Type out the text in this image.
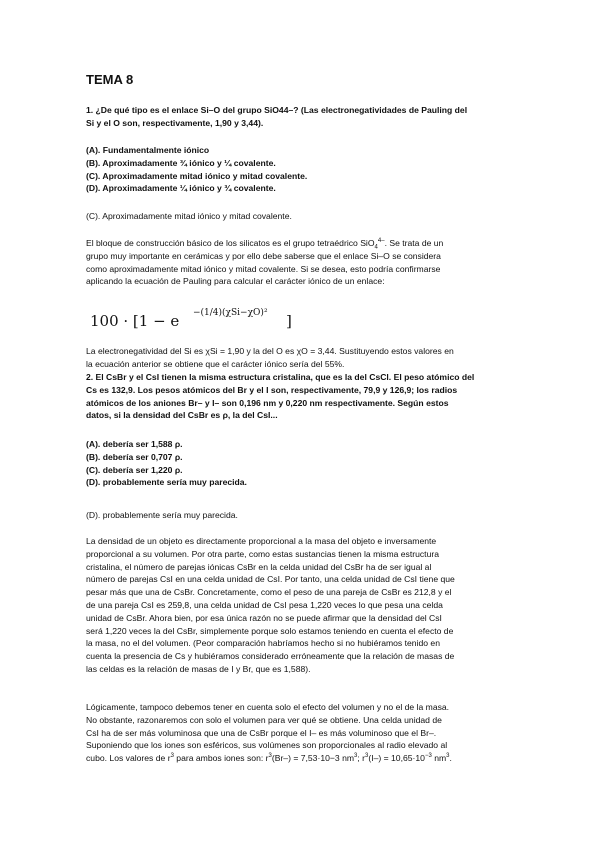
TEMA 8
1. ¿De qué tipo es el enlace Si–O del grupo SiO44–? (Las electronegatividades de Pauling del
Si y el O son, respectivamente, 1,90 y 3,44).
(A). Fundamentalmente iónico
(B). Aproximadamente ¾ iónico y ¼ covalente.
(C). Aproximadamente mitad iónico y mitad covalente.
(D). Aproximadamente ¼ iónico y ¾ covalente.
(C). Aproximadamente mitad iónico y mitad covalente.
El bloque de construcción básico de los silicatos es el grupo tetraédrico SiO$_4^{4-}$. Se trata de un
grupo muy importante en cerámicas y por ello debe saberse que el enlace Si–O se considera
como aproximadamente mitad iónico y mitad covalente. Si se desea, esto podría confirmarse
aplicando la ecuación de Pauling para calcular el carácter iónico de un enlace:
100 · [1 − e −(1/4)(χSi−χO)² ]
La electronegatividad del Si es χSi = 1,90 y la del O es χO = 3,44. Sustituyendo estos valores en
la ecuación anterior se obtiene que el carácter iónico sería del 55%.
2. El CsBr y el CsI tienen la misma estructura cristalina, que es la del CsCl. El peso atómico del
Cs es 132,9. Los pesos atómicos del Br y el I son, respectivamente, 79,9 y 126,9; los radios
atómicos de los aniones Br– y I– son 0,196 nm y 0,220 nm respectivamente. Según estos
datos, si la densidad del CsBr es ρ, la del CsI...
(A). debería ser 1,588 ρ.
(B). debería ser 0,707 ρ.
(C). debería ser 1,220 ρ.
(D). probablemente sería muy parecida.
(D). probablemente sería muy parecida.
La densidad de un objeto es directamente proporcional a la masa del objeto e inversamente
proporcional a su volumen. Por otra parte, como estas sustancias tienen la misma estructura
cristalina, el número de parejas iónicas CsBr en la celda unidad del CsBr ha de ser igual al
número de parejas CsI en una celda unidad de CsI. Por tanto, una celda unidad de CsI tiene que
pesar más que una de CsBr. Concretamente, como el peso de una pareja de CsBr es 212,8 y el
de una pareja CsI es 259,8, una celda unidad de CsI pesa 1,220 veces lo que pesa una celda
unidad de CsBr. Ahora bien, por esa única razón no se puede afirmar que la densidad del CsI
será 1,220 veces la del CsBr, simplemente porque solo estamos teniendo en cuenta el efecto de
la masa, no el del volumen. (Peor comparación habríamos hecho si no hubiéramos tenido en
cuenta la presencia de Cs y hubiéramos considerado erróneamente que la relación de masas de
las celdas es la relación de masas de I y Br, que es 1,588).
Lógicamente, tampoco debemos tener en cuenta solo el efecto del volumen y no el de la masa.
No obstante, razonaremos con solo el volumen para ver qué se obtiene. Una celda unidad de
CsI ha de ser más voluminosa que una de CsBr porque el I– es más voluminoso que el Br–.
Suponiendo que los iones son esféricos, sus volúmenes son proporcionales al radio elevado al
cubo. Los valores de $r^3$ para ambos iones son: $r^3(Br-) = 7,53\cdot 10-3$ $nm^3$; $r^3(I-) = 10,65\cdot 10^{-3}$ $nm^3$.
